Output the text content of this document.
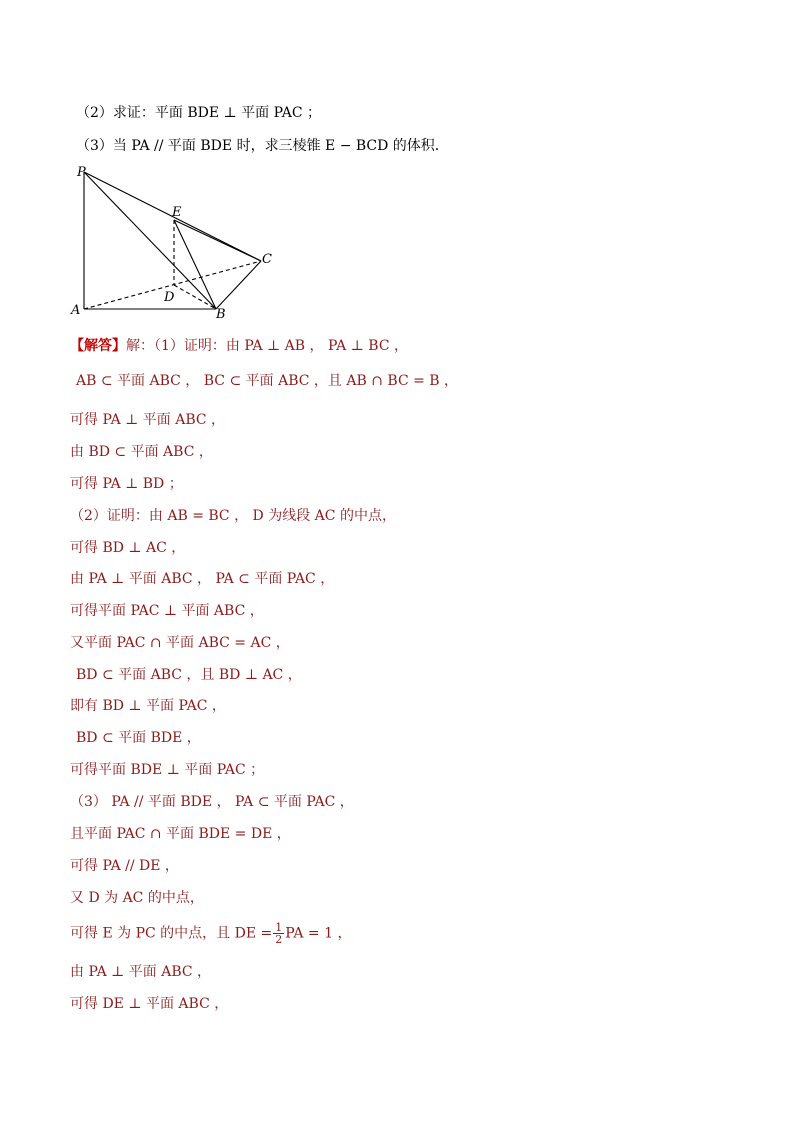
（2）求证：平面 BDE ⊥ 平面 PAC ；
（3）当 PA // 平面 BDE 时，求三棱锥 E − BCD 的体积．
P
E
C
D
A	B
【解答】解：（1）证明：由 PA ⊥ AB ， PA ⊥ BC ，
AB ⊂ 平面 ABC ， BC ⊂ 平面 ABC ，且 AB ∩ BC = B ，
可得 PA ⊥ 平面 ABC ，
由 BD ⊂ 平面 ABC ，
可得 PA ⊥ BD ；
（2）证明：由 AB = BC ， D 为线段 AC 的中点，
可得 BD ⊥ AC ，
由 PA ⊥ 平面 ABC ， PA ⊂ 平面 PAC ，
可得平面 PAC ⊥ 平面 ABC ，
又平面 PAC ∩ 平面 ABC = AC ，
BD ⊂ 平面 ABC ，且 BD ⊥ AC ，
即有 BD ⊥ 平面 PAC ，
BD ⊂ 平面 BDE ，
可得平面 BDE ⊥ 平面 PAC ；
（3） PA // 平面 BDE ， PA ⊂ 平面 PAC ，
且平面 PAC ∩ 平面 BDE = DE ，
可得 PA // DE ，
又 D 为 AC 的中点，
可得 E 为 PC 的中点，且 DE = $\frac{1}{2}$ PA = 1 ，
由 PA ⊥ 平面 ABC ，
可得 DE ⊥ 平面 ABC ，
